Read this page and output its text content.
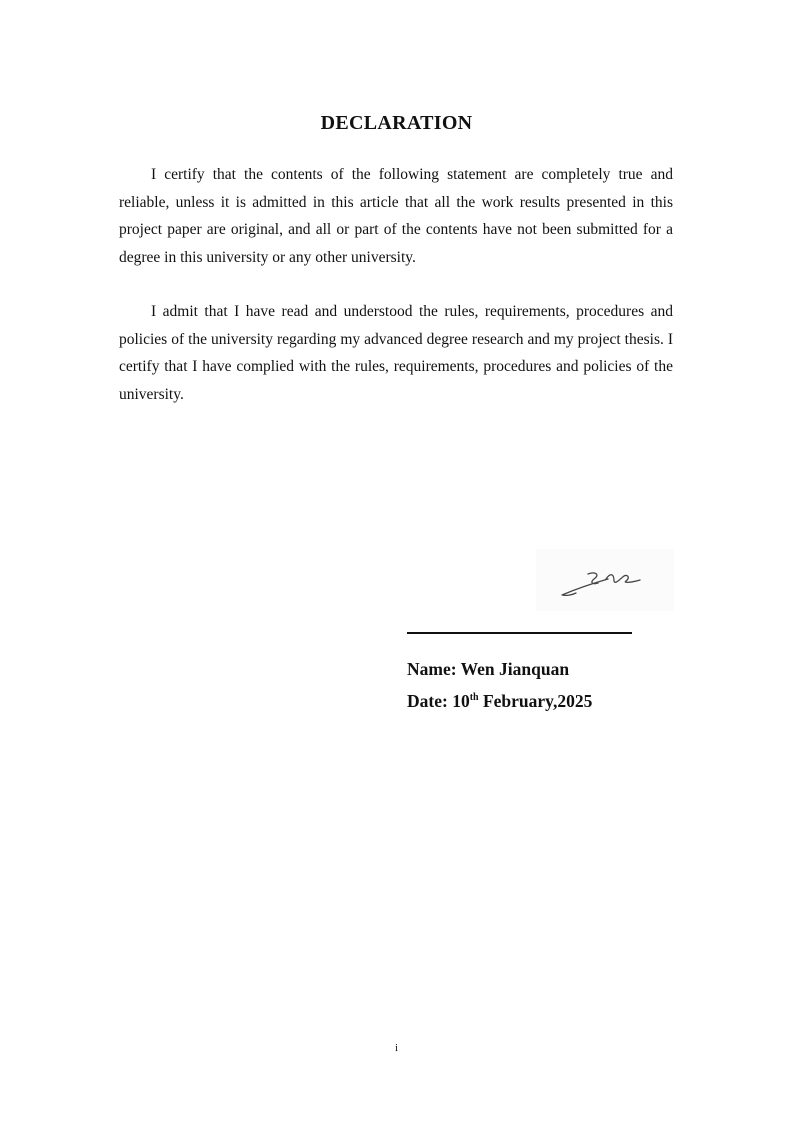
DECLARATION

I certify that the contents of the following statement are completely true and reliable, unless it is admitted in this article that all the work results presented in this project paper are original, and all or part of the contents have not been submitted for a degree in this university or any other university.

I admit that I have read and understood the rules, requirements, procedures and policies of the university regarding my advanced degree research and my project thesis. I certify that I have complied with the rules, requirements, procedures and policies of the university.

Name: Wen Jianquan
Date: 10th February,2025
i
